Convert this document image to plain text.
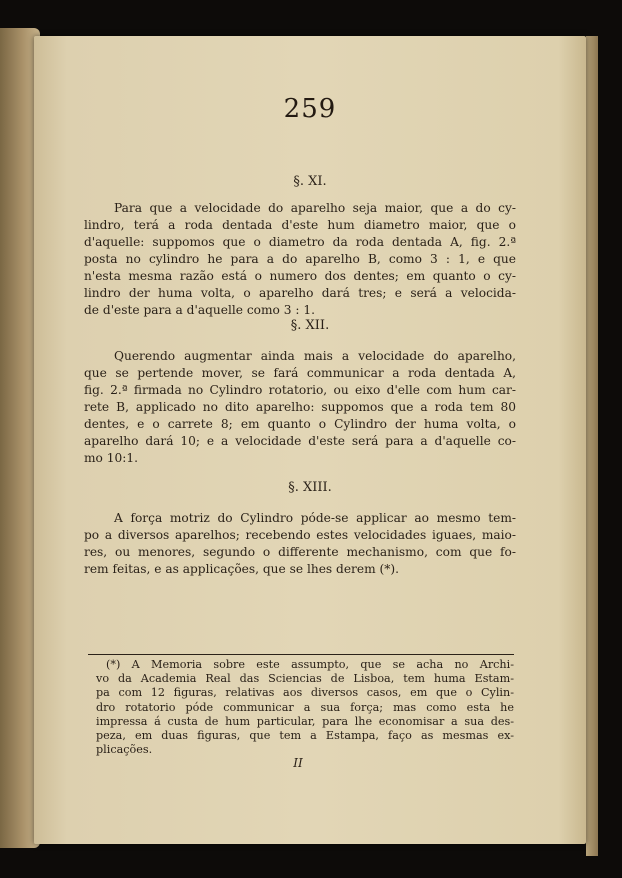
259
§. XI.
Para que a velocidade do aparelho seja maior, que a do cy-
lindro, terá a roda dentada d'este hum diametro maior, que o
d'aquelle: suppomos que o diametro da roda dentada A, fig. 2.ª
posta no cylindro he para a do aparelho B, como 3 : 1, e que
n'esta mesma razão está o numero dos dentes; em quanto o cy-
lindro der huma volta, o aparelho dará tres; e será a velocida-
de d'este para a d'aquelle como 3 : 1.
§. XII.
Querendo augmentar ainda mais a velocidade do aparelho,
que se pertende mover, se fará communicar a roda dentada A,
fig. 2.ª firmada no Cylindro rotatorio, ou eixo d'elle com hum car-
rete B, applicado no dito aparelho: suppomos que a roda tem 80
dentes, e o carrete 8; em quanto o Cylindro der huma volta, o
aparelho dará 10; e a velocidade d'este será para a d'aquelle co-
mo 10:1.
§. XIII.
A força motriz do Cylindro póde-se applicar ao mesmo tem-
po a diversos aparelhos; recebendo estes velocidades iguaes, maio-
res, ou menores, segundo o differente mechanismo, com que fo-
rem feitas, e as applicações, que se lhes derem (*).
(*) A Memoria sobre este assumpto, que se acha no Archi-
vo da Academia Real das Sciencias de Lisboa, tem huma Estam-
pa com 12 figuras, relativas aos diversos casos, em que o Cylin-
dro rotatorio póde communicar a sua força; mas como esta he
impressa á custa de hum particular, para lhe economisar a sua des-
peza, em duas figuras, que tem a Estampa, faço as mesmas ex-
plicações.
II
